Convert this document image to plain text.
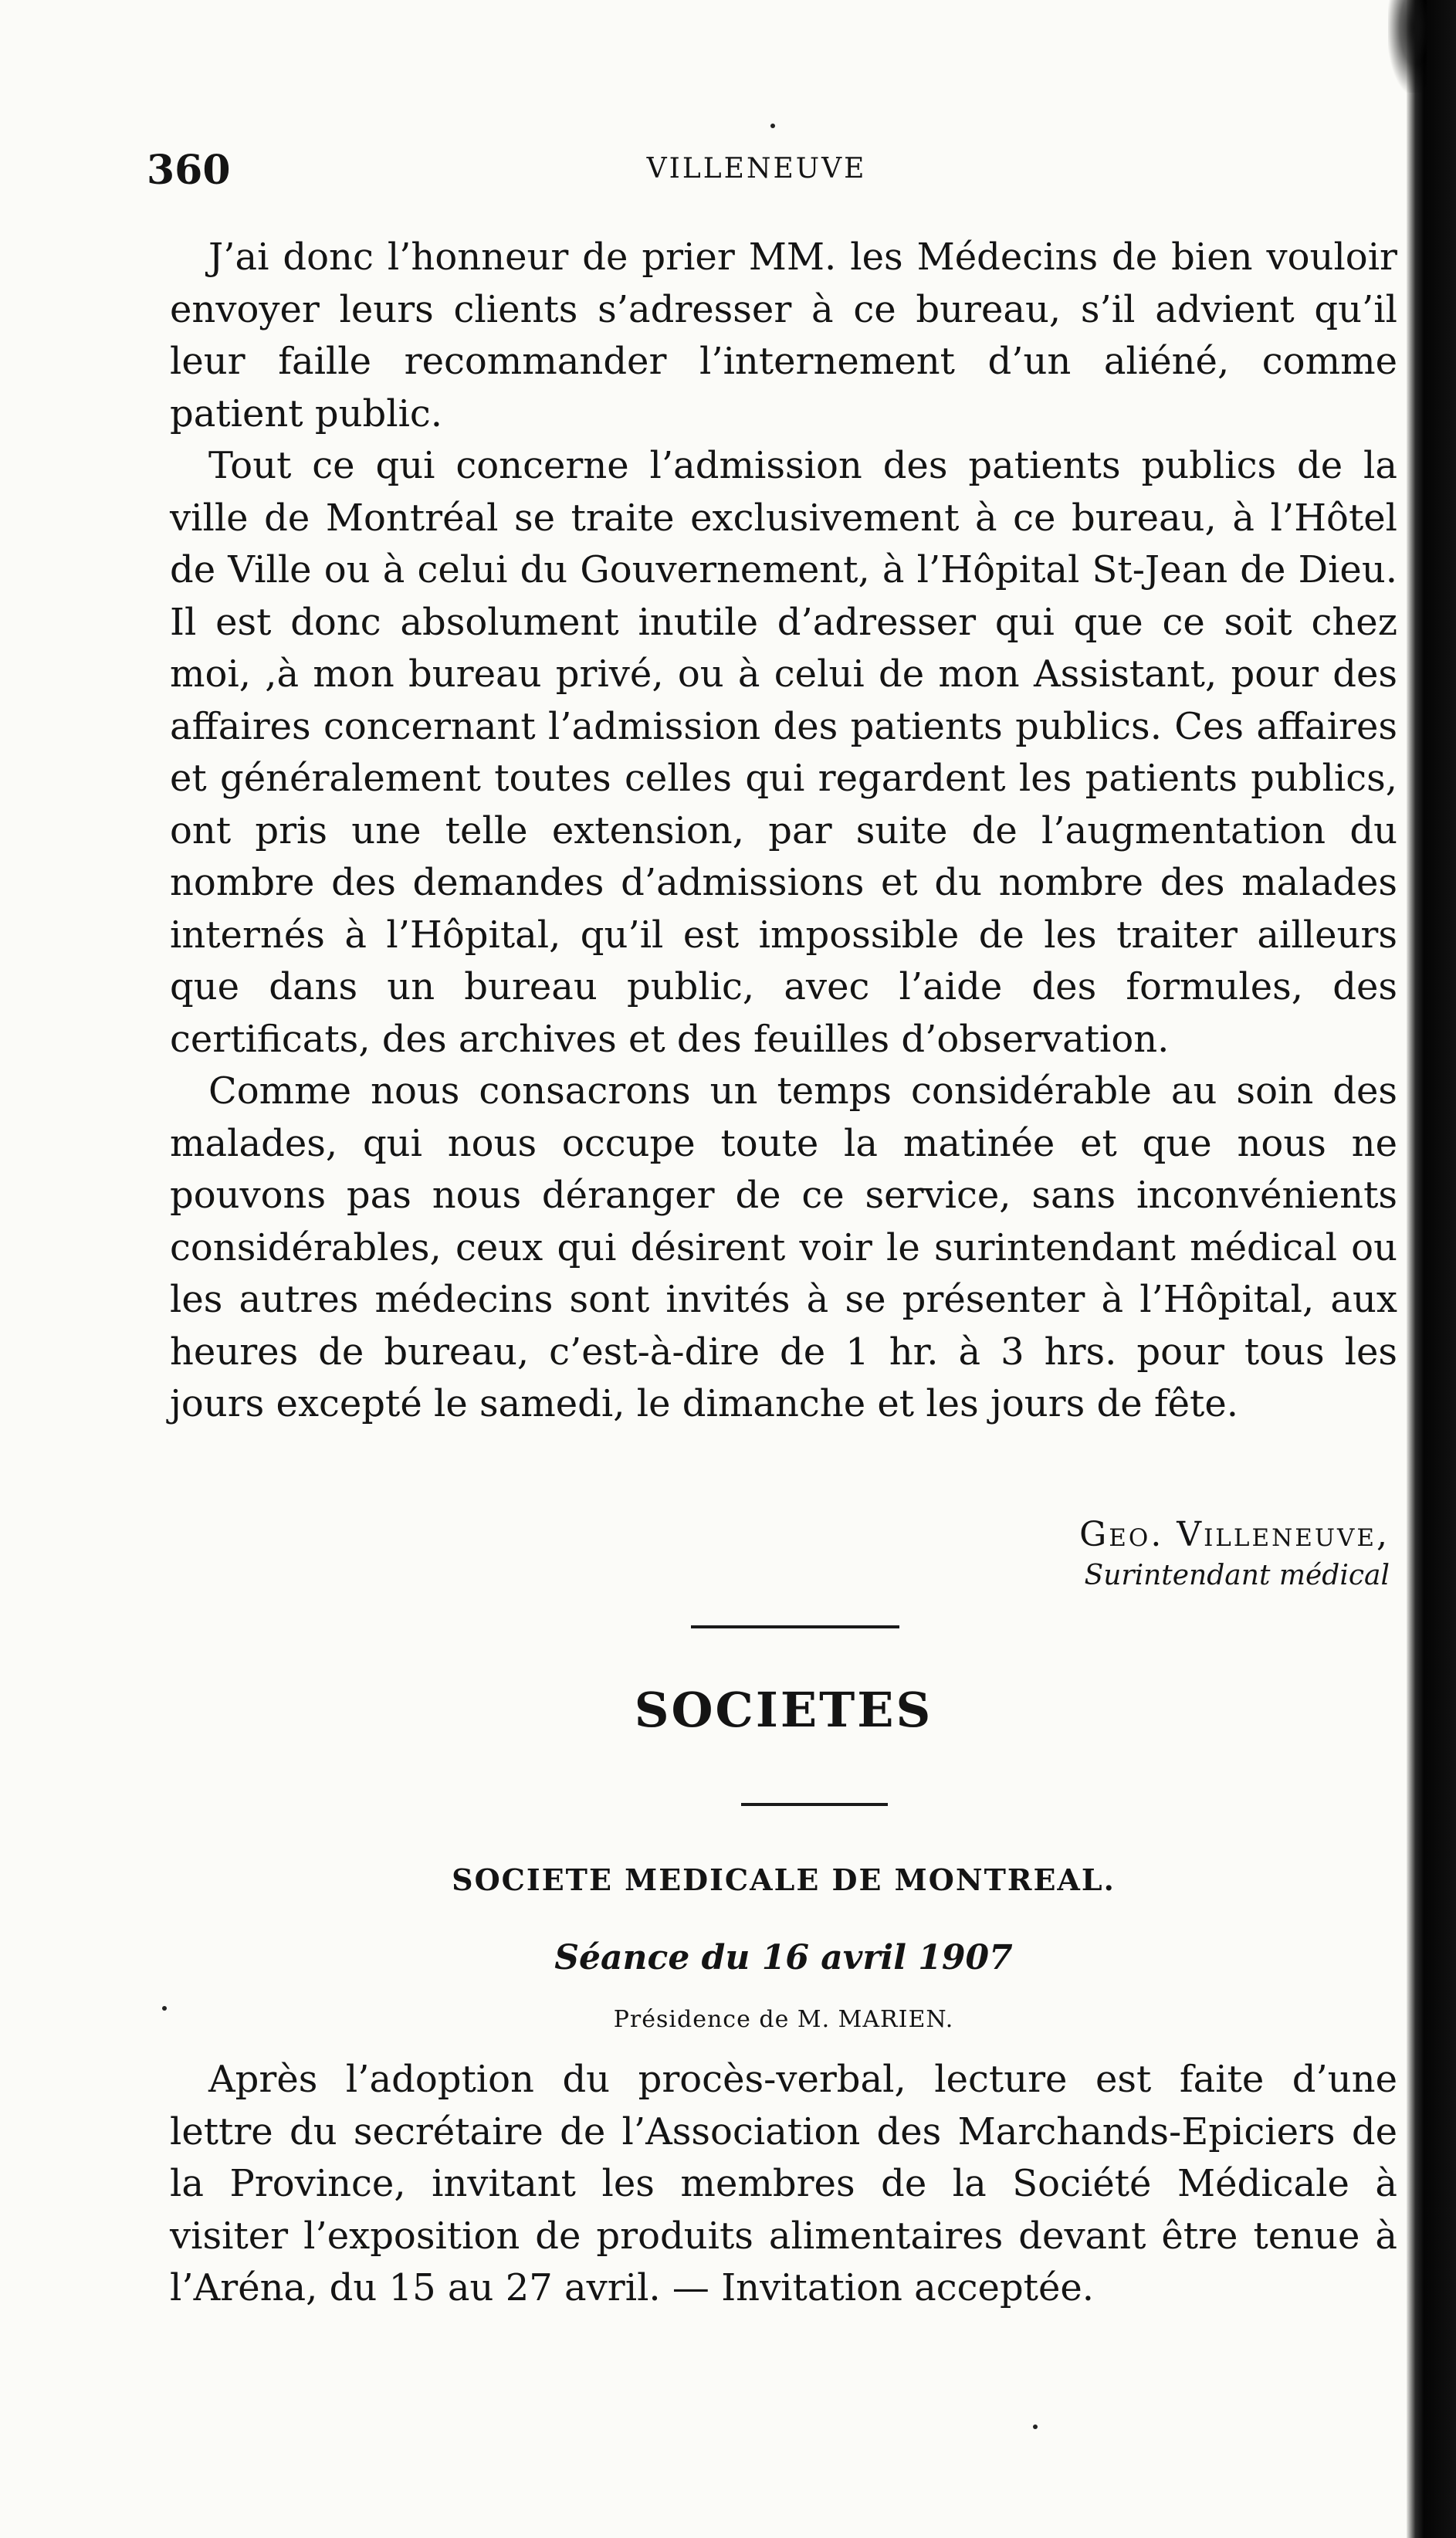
360	VILLENEUVE

J’ai donc l’honneur de prier MM. les Médecins de bien vouloir envoyer leurs clients s’adresser à ce bureau, s’il advient qu’il leur faille recommander l’internement d’un aliéné, comme patient public.

Tout ce qui concerne l’admission des patients publics de la ville de Montréal se traite exclusivement à ce bureau, à l’Hôtel de Ville ou à celui du Gouvernement, à l’Hôpital St-Jean de Dieu. Il est donc absolument inutile d’adresser qui que ce soit chez moi, ,à mon bureau privé, ou à celui de mon Assistant, pour des affaires concernant l’admission des patients publics. Ces affaires et généralement toutes celles qui regardent les patients publics, ont pris une telle extension, par suite de l’augmentation du nombre des demandes d’admissions et du nombre des malades internés à l’Hôpital, qu’il est impossible de les traiter ailleurs que dans un bureau public, avec l’aide des formules, des certificats, des archives et des feuilles d’observation.

Comme nous consacrons un temps considérable au soin des malades, qui nous occupe toute la matinée et que nous ne pouvons pas nous déranger de ce service, sans inconvénients considérables, ceux qui désirent voir le surintendant médical ou les autres médecins sont invités à se présenter à l’Hôpital, aux heures de bureau, c’est-à-dire de 1 hr. à 3 hrs. pour tous les jours excepté le samedi, le dimanche et les jours de fête.

Geo. Villeneuve,
Surintendant médical
SOCIETES
SOCIETE MEDICALE DE MONTREAL.
Séance du 16 avril 1907
Présidence de M. MARIEN.

Après l’adoption du procès-verbal, lecture est faite d’une lettre du secrétaire de l’Association des Marchands-Epiciers de la Province, invitant les membres de la Société Médicale à visiter l’exposition de produits alimentaires devant être tenue à l’Aréna, du 15 au 27 avril. — Invitation acceptée.
